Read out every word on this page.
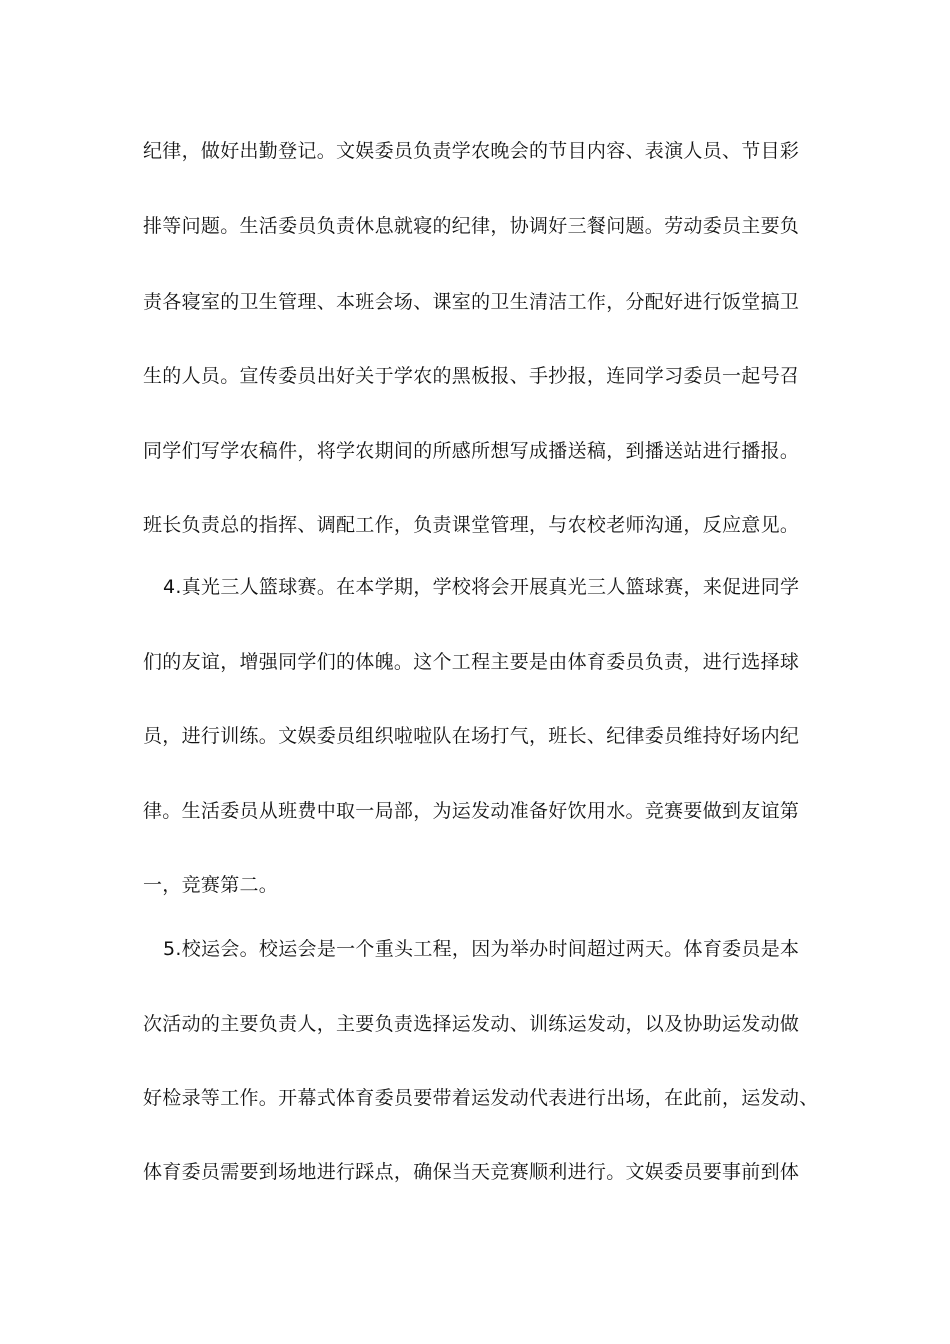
纪律，做好出勤登记。文娱委员负责学农晚会的节目内容、表演人员、节目彩
排等问题。生活委员负责休息就寝的纪律，协调好三餐问题。劳动委员主要负
责各寝室的卫生管理、本班会场、课室的卫生清洁工作，分配好进行饭堂搞卫
生的人员。宣传委员出好关于学农的黑板报、手抄报，连同学习委员一起号召
同学们写学农稿件，将学农期间的所感所想写成播送稿，到播送站进行播报。
班长负责总的指挥、调配工作，负责课堂管理，与农校老师沟通，反应意见。
4.真光三人篮球赛。在本学期，学校将会开展真光三人篮球赛，来促进同学
们的友谊，增强同学们的体魄。这个工程主要是由体育委员负责，进行选择球
员，进行训练。文娱委员组织啦啦队在场打气，班长、纪律委员维持好场内纪
律。生活委员从班费中取一局部，为运发动准备好饮用水。竞赛要做到友谊第
一，竞赛第二。
5.校运会。校运会是一个重头工程，因为举办时间超过两天。体育委员是本
次活动的主要负责人，主要负责选择运发动、训练运发动，以及协助运发动做
好检录等工作。开幕式体育委员要带着运发动代表进行出场，在此前，运发动、
体育委员需要到场地进行踩点，确保当天竞赛顺利进行。文娱委员要事前到体
